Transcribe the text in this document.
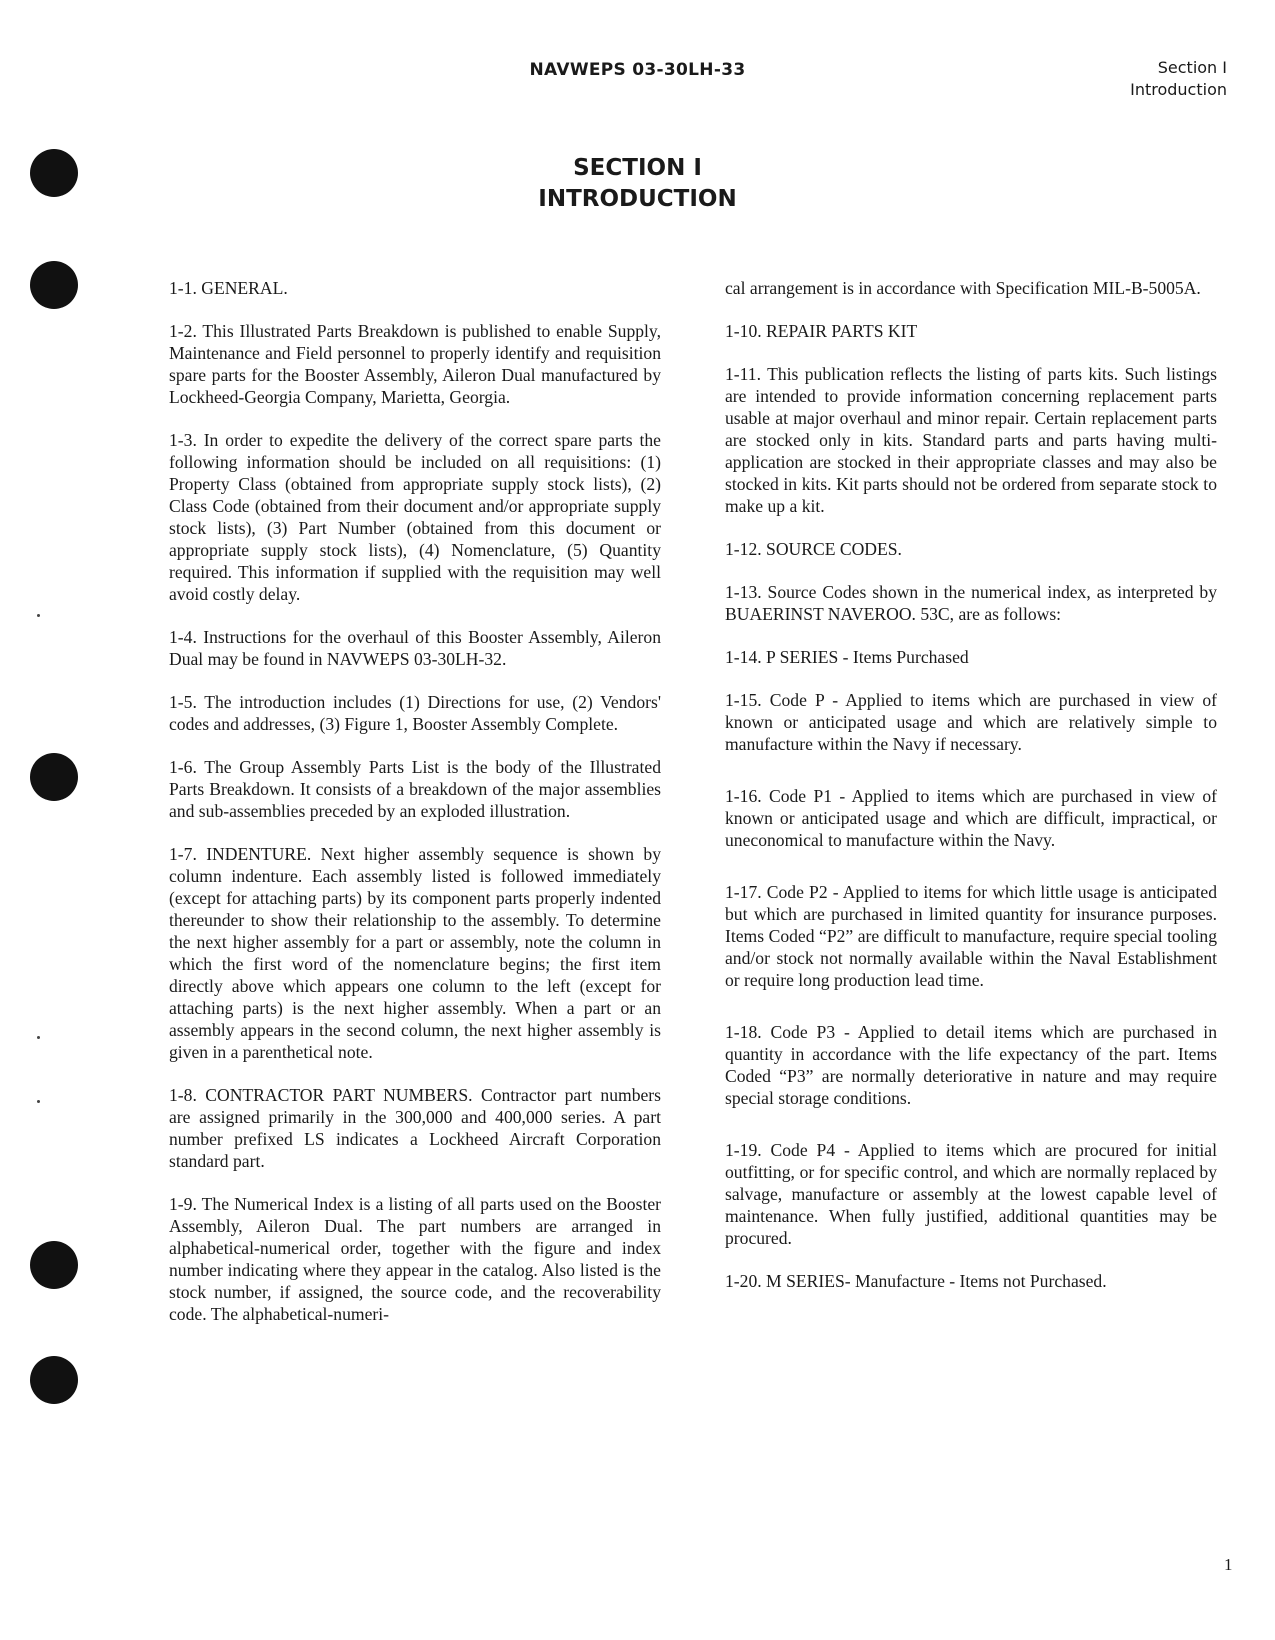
NAVWEPS 03-30LH-33	Section I
Introduction
SECTION I
INTRODUCTION

1-1. GENERAL.

1-2. This Illustrated Parts Breakdown is published to enable Supply, Maintenance and Field personnel to properly identify and requisition spare parts for the Booster Assembly, Aileron Dual manufactured by Lockheed-Georgia Company, Marietta, Georgia.

1-3. In order to expedite the delivery of the correct spare parts the following information should be included on all requisitions: (1) Property Class (obtained from appropriate supply stock lists), (2) Class Code (obtained from their document and/or appropriate supply stock lists), (3) Part Number (obtained from this document or appropriate supply stock lists), (4) Nomenclature, (5) Quantity required. This information if supplied with the requisition may well avoid costly delay.

1-4. Instructions for the overhaul of this Booster Assembly, Aileron Dual may be found in NAVWEPS 03-30LH-32.

1-5. The introduction includes (1) Directions for use, (2) Vendors' codes and addresses, (3) Figure 1, Booster Assembly Complete.

1-6. The Group Assembly Parts List is the body of the Illustrated Parts Breakdown. It consists of a breakdown of the major assemblies and sub-assemblies preceded by an exploded illustration.

1-7. INDENTURE. Next higher assembly sequence is shown by column indenture. Each assembly listed is followed immediately (except for attaching parts) by its component parts properly indented thereunder to show their relationship to the assembly. To determine the next higher assembly for a part or assembly, note the column in which the first word of the nomenclature begins; the first item directly above which appears one column to the left (except for attaching parts) is the next higher assembly. When a part or an assembly appears in the second column, the next higher assembly is given in a parenthetical note.

1-8. CONTRACTOR PART NUMBERS. Contractor part numbers are assigned primarily in the 300,000 and 400,000 series. A part number prefixed LS indicates a Lockheed Aircraft Corporation standard part.

1-9. The Numerical Index is a listing of all parts used on the Booster Assembly, Aileron Dual. The part numbers are arranged in alphabetical-numerical order, together with the figure and index number indicating where they appear in the catalog. Also listed is the stock number, if assigned, the source code, and the recoverability code. The alphabetical-numeri-

cal arrangement is in accordance with Specification MIL-B-5005A.

1-10. REPAIR PARTS KIT

1-11. This publication reflects the listing of parts kits. Such listings are intended to provide information concerning replacement parts usable at major overhaul and minor repair. Certain replacement parts are stocked only in kits. Standard parts and parts having multi-application are stocked in their appropriate classes and may also be stocked in kits. Kit parts should not be ordered from separate stock to make up a kit.

1-12. SOURCE CODES.

1-13. Source Codes shown in the numerical index, as interpreted by BUAERINST NAVEROO. 53C, are as follows:

1-14. P SERIES - Items Purchased

1-15. Code P - Applied to items which are purchased in view of known or anticipated usage and which are relatively simple to manufacture within the Navy if necessary.

1-16. Code P1 - Applied to items which are purchased in view of known or anticipated usage and which are difficult, impractical, or uneconomical to manufacture within the Navy.

1-17. Code P2 - Applied to items for which little usage is anticipated but which are purchased in limited quantity for insurance purposes. Items Coded “P2” are difficult to manufacture, require special tooling and/or stock not normally available within the Naval Establishment or require long production lead time.

1-18. Code P3 - Applied to detail items which are purchased in quantity in accordance with the life expectancy of the part. Items Coded “P3” are normally deteriorative in nature and may require special storage conditions.

1-19. Code P4 - Applied to items which are procured for initial outfitting, or for specific control, and which are normally replaced by salvage, manufacture or assembly at the lowest capable level of maintenance. When fully justified, additional quantities may be procured.

1-20. M SERIES- Manufacture - Items not Purchased.

1
